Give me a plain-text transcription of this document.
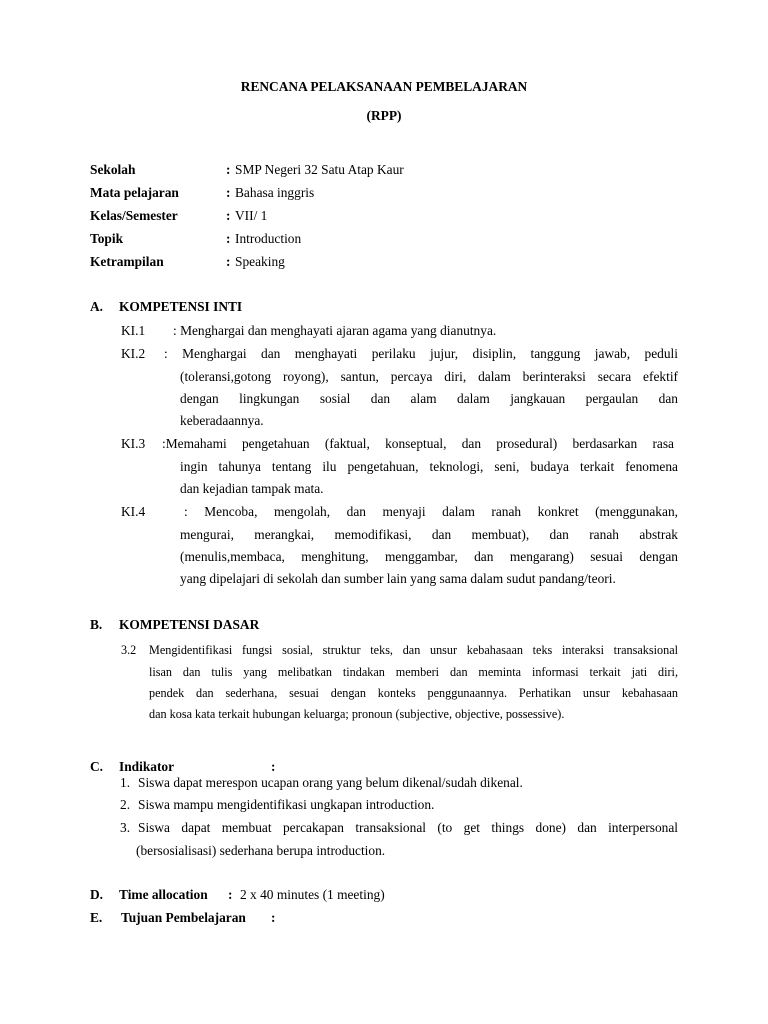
RENCANA PELAKSANAAN PEMBELAJARAN
(RPP)
Sekolah	: SMP Negeri 32 Satu Atap Kaur
Mata pelajaran	: Bahasa inggris
Kelas/Semester	: VII/ 1
Topik	: Introduction
Ketrampilan	: Speaking
A. KOMPETENSI INTI
KI.1 : Menghargai dan menghayati ajaran agama yang dianutnya.
KI.2 : Menghargai dan menghayati perilaku jujur, disiplin, tanggung jawab, peduli
(toleransi,gotong royong), santun, percaya diri, dalam berinteraksi secara efektif
dengan lingkungan sosial dan alam dalam jangkauan pergaulan dan
keberadaannya.
KI.3 :Memahami pengetahuan (faktual, konseptual, dan prosedural) berdasarkan rasa
ingin tahunya tentang ilu pengetahuan, teknologi, seni, budaya terkait fenomena
dan kejadian tampak mata.
KI.4	: Mencoba, mengolah, dan menyaji dalam ranah konkret (menggunakan,
mengurai, merangkai, memodifikasi, dan membuat), dan ranah abstrak
(menulis,membaca, menghitung, menggambar, dan mengarang) sesuai dengan
yang dipelajari di sekolah dan sumber lain yang sama dalam sudut pandang/teori.
B. KOMPETENSI DASAR
3.2 Mengidentifikasi fungsi sosial, struktur teks, dan unsur kebahasaan teks interaksi transaksional
lisan dan tulis yang melibatkan tindakan memberi dan meminta informasi terkait jati diri,
pendek dan sederhana, sesuai dengan konteks penggunaannya. Perhatikan unsur kebahasaan
dan kosa kata terkait hubungan keluarga; pronoun (subjective, objective, possessive).
C. Indikator	:
1. Siswa dapat merespon ucapan orang yang belum dikenal/sudah dikenal.
2. Siswa mampu mengidentifikasi ungkapan introduction.
3. Siswa dapat membuat percakapan transaksional (to get things done) dan interpersonal
(bersosialisasi) sederhana berupa introduction.
D. Time allocation : 2 x 40 minutes (1 meeting)
E. Tujuan Pembelajaran :
